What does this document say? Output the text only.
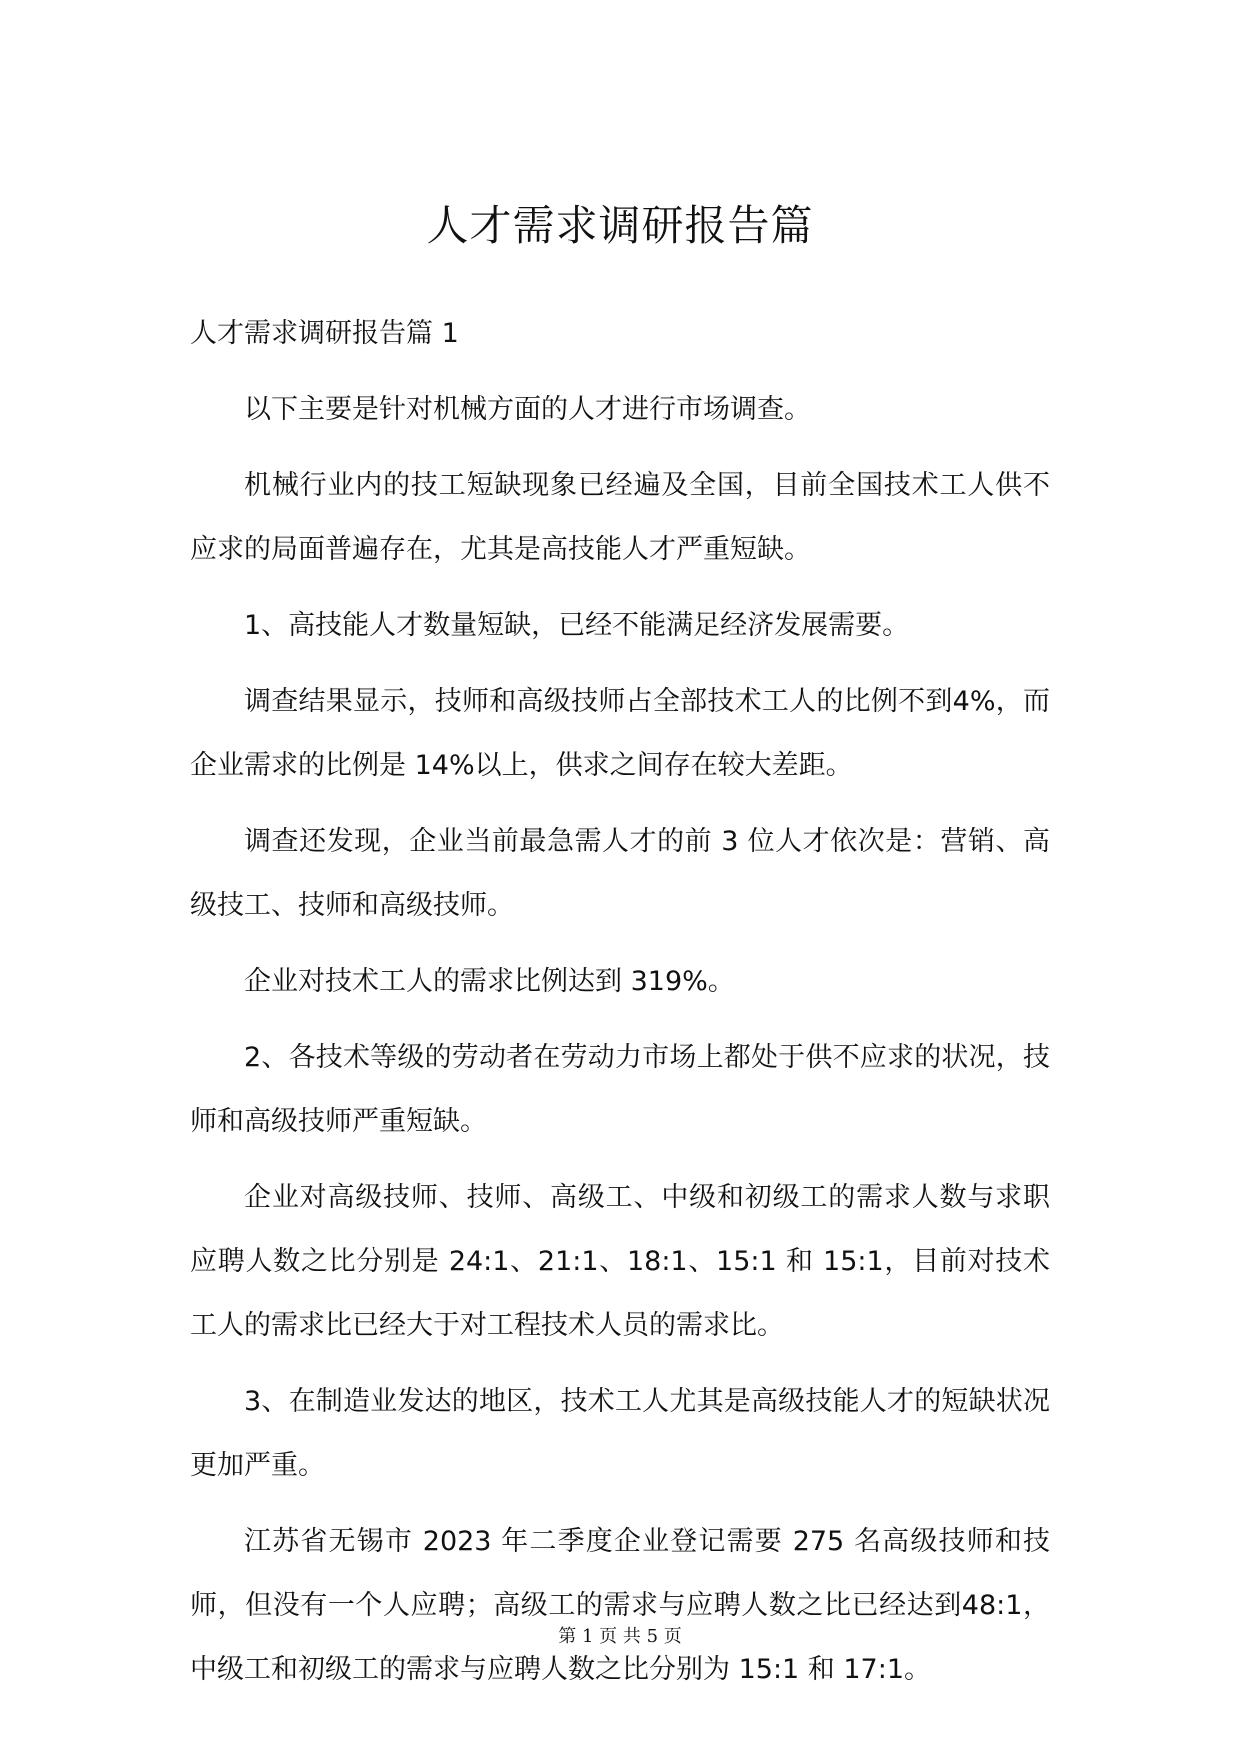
人才需求调研报告篇

人才需求调研报告篇 1

以下主要是针对机械方面的人才进行市场调查。

机械行业内的技工短缺现象已经遍及全国，目前全国技术工人供不应求的局面普遍存在，尤其是高技能人才严重短缺。

1、高技能人才数量短缺，已经不能满足经济发展需要。

调查结果显示，技师和高级技师占全部技术工人的比例不到4%，而企业需求的比例是 14%以上，供求之间存在较大差距。

调查还发现，企业当前最急需人才的前 3 位人才依次是：营销、高级技工、技师和高级技师。

企业对技术工人的需求比例达到 319%。

2、各技术等级的劳动者在劳动力市场上都处于供不应求的状况，技师和高级技师严重短缺。

企业对高级技师、技师、高级工、中级和初级工的需求人数与求职应聘人数之比分别是 24:1、21:1、18:1、15:1 和 15:1，目前对技术工人的需求比已经大于对工程技术人员的需求比。

3、在制造业发达的地区，技术工人尤其是高级技能人才的短缺状况更加严重。

江苏省无锡市 2023 年二季度企业登记需要 275 名高级技师和技师，但没有一个人应聘；高级工的需求与应聘人数之比已经达到48:1，中级工和初级工的需求与应聘人数之比分别为 15:1 和 17:1。

第 1 页 共 5 页
